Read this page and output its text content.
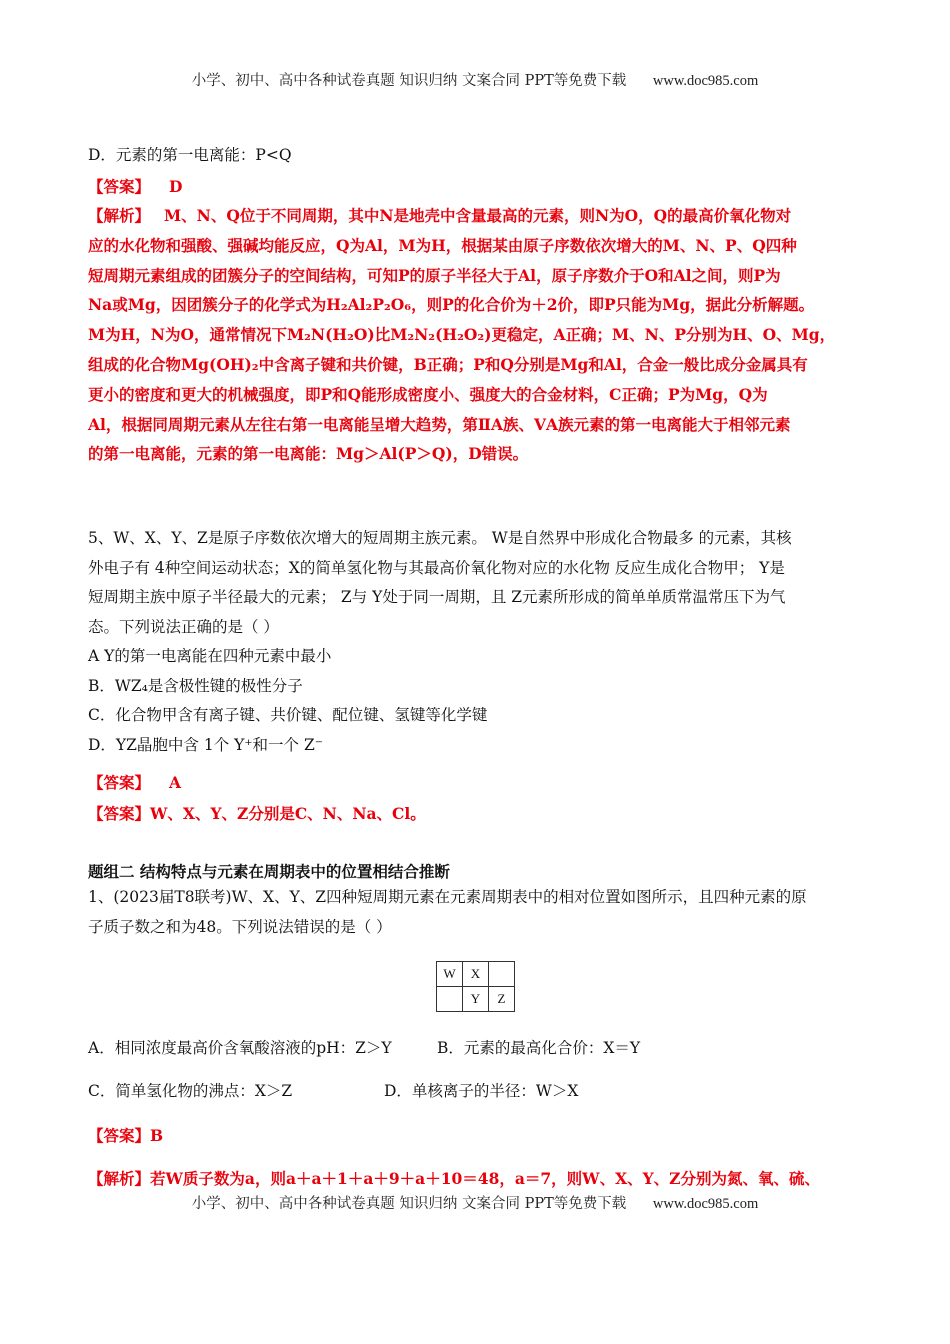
小学、初中、高中各种试卷真题 知识归纳 文案合同 PPT等免费下载 www.doc985.com
D．元素的第一电离能：P<Q
【答案】 D
【解析】 M、N、Q位于不同周期，其中N是地壳中含量最高的元素，则N为O，Q的最高价氧化物对
应的水化物和强酸、强碱均能反应，Q为Al，M为H，根据某由原子序数依次增大的M、N、P、Q四种
短周期元素组成的团簇分子的空间结构，可知P的原子半径大于Al，原子序数介于O和Al之间，则P为
Na或Mg，因团簇分子的化学式为H₂Al₂P₂O₆，则P的化合价为＋2价，即P只能为Mg，据此分析解题。
M为H，N为O，通常情况下M₂N(H₂O)比M₂N₂(H₂O₂)更稳定，A正确；M、N、P分别为H、O、Mg，
组成的化合物Mg(OH)₂中含离子键和共价键，B正确；P和Q分别是Mg和Al，合金一般比成分金属具有
更小的密度和更大的机械强度，即P和Q能形成密度小、强度大的合金材料，C正确；P为Mg，Q为
Al，根据同周期元素从左往右第一电离能呈增大趋势，第ⅡA族、ⅤA族元素的第一电离能大于相邻元素
的第一电离能，元素的第一电离能：Mg＞Al(P＞Q)，D错误。
5、W、X、Y、Z是原子序数依次增大的短周期主族元素。 W是自然界中形成化合物最多 的元素，其核
外电子有 4种空间运动状态；X的简单氢化物与其最高价氧化物对应的水化物 反应生成化合物甲； Y是
短周期主族中原子半径最大的元素； Z与 Y处于同一周期，且 Z元素所形成的简单单质常温常压下为气
态。下列说法正确的是（ ）
A Y的第一电离能在四种元素中最小
B．WZ₄是含极性键的极性分子
C．化合物甲含有离子键、共价键、配位键、氢键等化学键
D．YZ晶胞中含 1个 Y⁺和一个 Z⁻
【答案】 A
【答案】W、X、Y、Z分别是C、N、Na、Cl。
题组二 结构特点与元素在周期表中的位置相结合推断
1、(2023届T8联考)W、X、Y、Z四种短周期元素在元素周期表中的相对位置如图所示，且四种元素的原
子质子数之和为48。下列说法错误的是（ ）
W	X	
	Y	Z
A．相同浓度最高价含氧酸溶液的pH：Z＞Y	B．元素的最高化合价：X＝Y
C．简单氢化物的沸点：X＞Z	D．单核离子的半径：W＞X
【答案】B
【解析】若W质子数为a，则a＋a＋1＋a＋9＋a＋10＝48，a＝7，则W、X、Y、Z分别为氮、氧、硫、
小学、初中、高中各种试卷真题 知识归纳 文案合同 PPT等免费下载 www.doc985.com
